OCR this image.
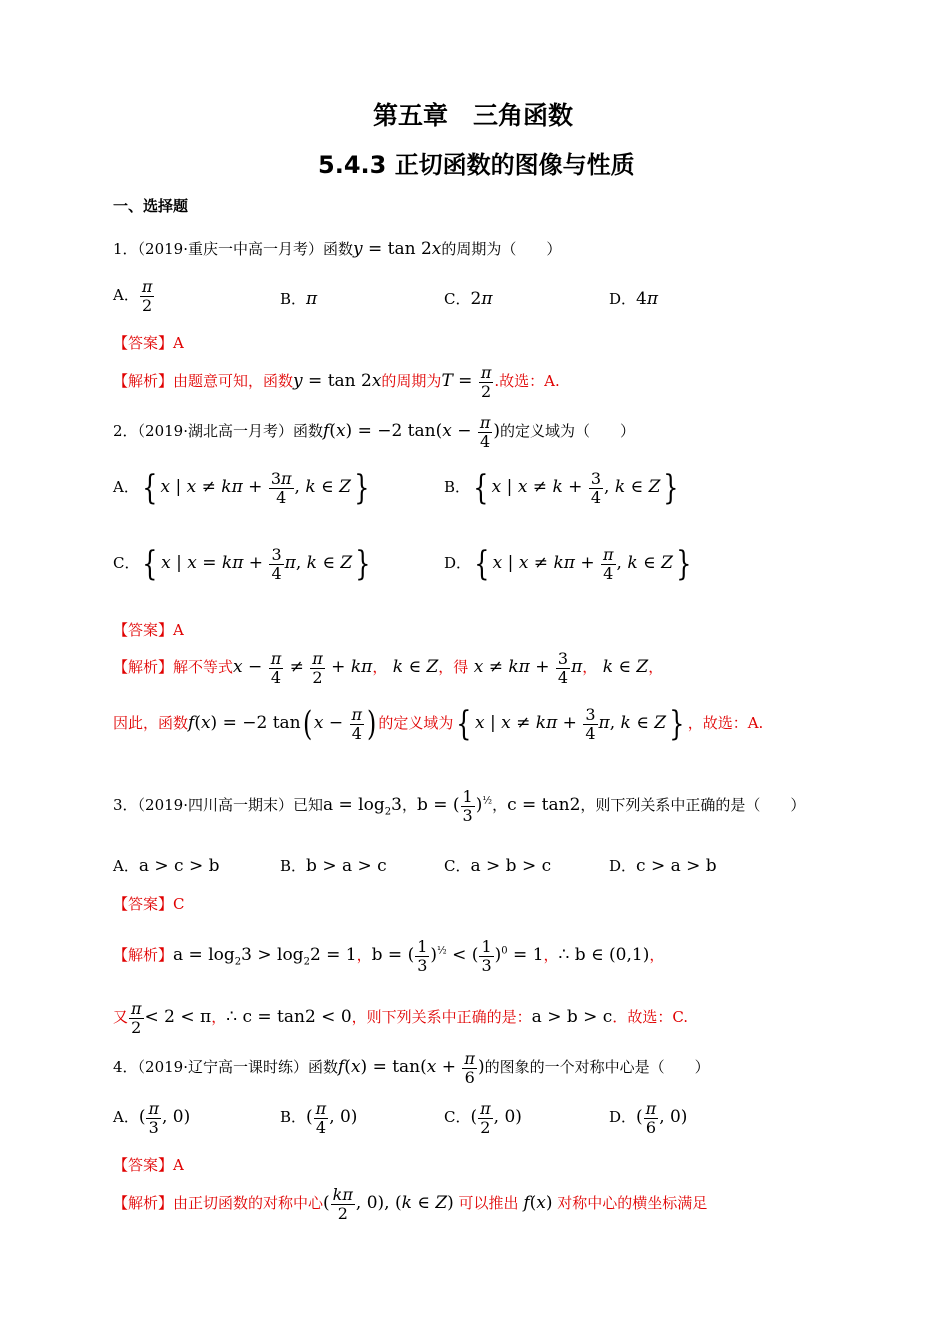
第五章　三角函数
5.4.3 正切函数的图像与性质
一、选择题
1．（2019·重庆一中高一月考）函数y = tan 2x的周期为（　　）
A． $\frac{\pi}{2}$	B．π	C．2π	D．4π
【答案】A
【解析】由题意可知，函数y = tan 2x的周期为$T = \frac{\pi}{2}$ .故选：A.
2．（2019·湖北高一月考）函数f(x) = −2 $\tan(x - \frac{\pi}{4}$ )的定义域为（　　）
A．{ x | $x \ne k\pi + \frac{3\pi}{4}$ , k ∈ Z}	B．{ x | $x \ne k + \frac{3}{4}$ , k ∈ Z}
C．{ x | $x = k\pi + \frac{3}{4} \pi$, k ∈ Z}	D．{ x | $x \ne k\pi + \frac{\pi}{4}$ , k ∈ Z}
【答案】A
【解析】解不等式$x - \frac{\pi}{4} \ne \frac{\pi}{2} + k\pi$， k ∈ Z，得 $x \ne k\pi + \frac{3}{4}$ π， k ∈ Z，
因此，函数f(x) = −2 tan( $x - \frac{\pi}{4}$ ) 的定义域为{ x | $x \ne k\pi + \frac{3}{4} \pi$, k ∈ Z} ，故选：A.
3．（2019·四川高一期末）已知$a = \log_23$，b = ( $\frac{1}{3} )^{\frac{1}{2}}$，c = tan2，则下列关系中正确的是（　　）
A．a > c > b	B．b > a > c	C．a > b > c	D．c > a > b
【答案】C
【解析】$a = \log_23 > \log_22 = 1$，b = ( $\frac{1}{3} )^{\frac{1}{2}}$ < ( $\frac{1}{3} )^0 = 1$，∴ b ∈ (0,1)，
又 $\frac{\pi}{2} < 2 < \pi$，∴ c = tan2 < 0，则下列关系中正确的是：a > b > c．故选：C.
4．（2019·辽宁高一课时练）函数$f(x) = \tan(x + \frac{\pi}{6}$ )的图象的一个对称中心是（　　）
A．( $\frac{\pi}{3}$ , 0)	B．( $\frac{\pi}{4}$ , 0)	C．( $\frac{\pi}{2}$ , 0)	D．( $\frac{\pi}{6}$ , 0)
【答案】A
【解析】由正切函数的对称中心( $\frac{k\pi}{2}$ , 0), (k ∈ Z) 可以推出 f(x) 对称中心的横坐标满足
